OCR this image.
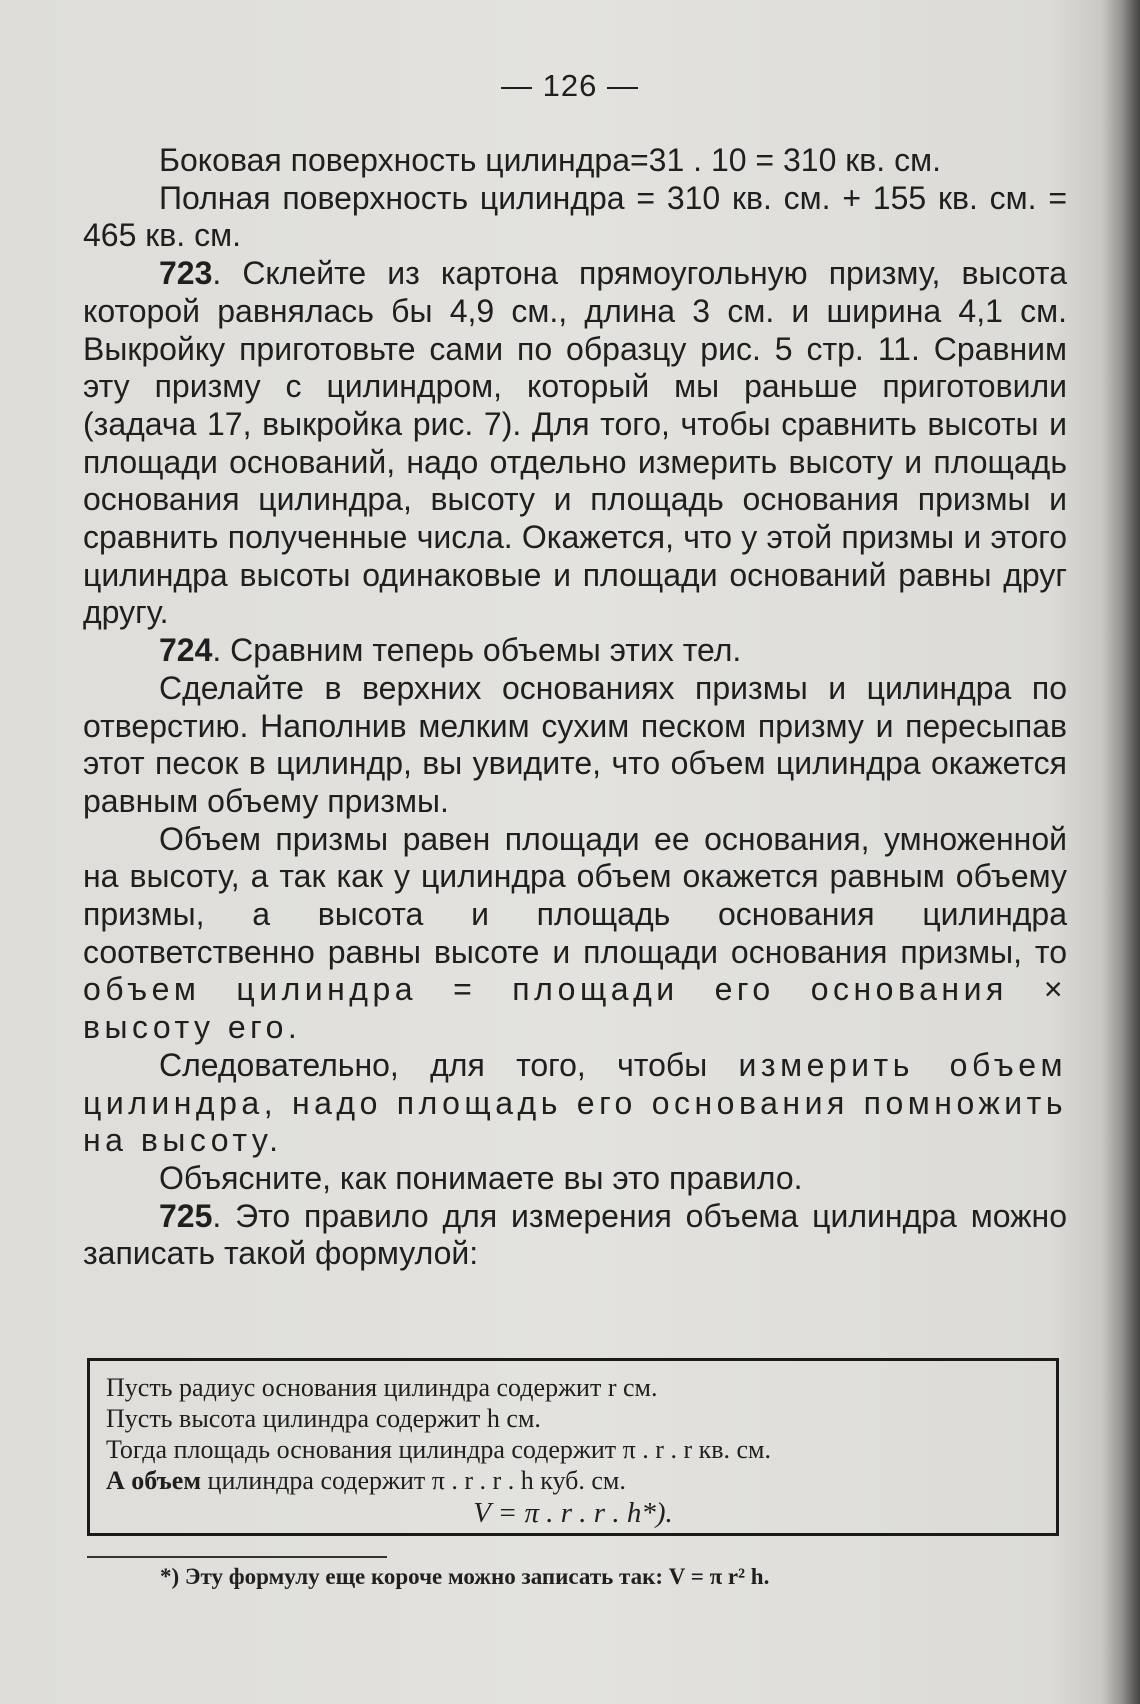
— 126 —

Боковая поверхность цилиндра=31 . 10 = 310 кв. см.

Полная поверхность цилиндра = 310 кв. см. + 155 кв. см. = 465 кв. см.

723. Склейте из картона прямоугольную призму, высота которой равнялась бы 4,9 см., длина 3 см. и ширина 4,1 см. Выкройку приготовьте сами по образцу рис. 5 стр. 11. Сравним эту призму с цилиндром, который мы раньше приготовили (задача 17, выкройка рис. 7). Для того, чтобы сравнить высоты и площади оснований, надо отдельно измерить высоту и площадь основания цилиндра, высоту и площадь основания призмы и сравнить полученные числа. Окажется, что у этой призмы и этого цилиндра высоты одинаковые и площади оснований равны друг другу.

724. Сравним теперь объемы этих тел.

Сделайте в верхних основаниях призмы и цилиндра по отверстию. Наполнив мелким сухим песком призму и пересыпав этот песок в цилиндр, вы увидите, что объем цилиндра окажется равным объему призмы.

Объем призмы равен площади ее основания, умноженной на высоту, а так как у цилиндра объем окажется равным объему призмы, а высота и площадь основания цилиндра соответственно равны высоте и площади основания призмы, то объем цилиндра = площади его основания × высоту его.

Следовательно, для того, чтобы измерить объем цилиндра, надо площадь его основания помножить на высоту.

Объясните, как понимаете вы это правило.

725. Это правило для измерения объема цилиндра можно записать такой формулой:

Пусть радиус основания цилиндра содержит r см.

Пусть высота цилиндра содержит h см.

Тогда площадь основания цилиндра содержит π . r . r кв. см.

А объем цилиндра содержит π . r . r . h куб. см.

V = π . r . r . h*).

*) Эту формулу еще короче можно записать так: V = π r² h.
